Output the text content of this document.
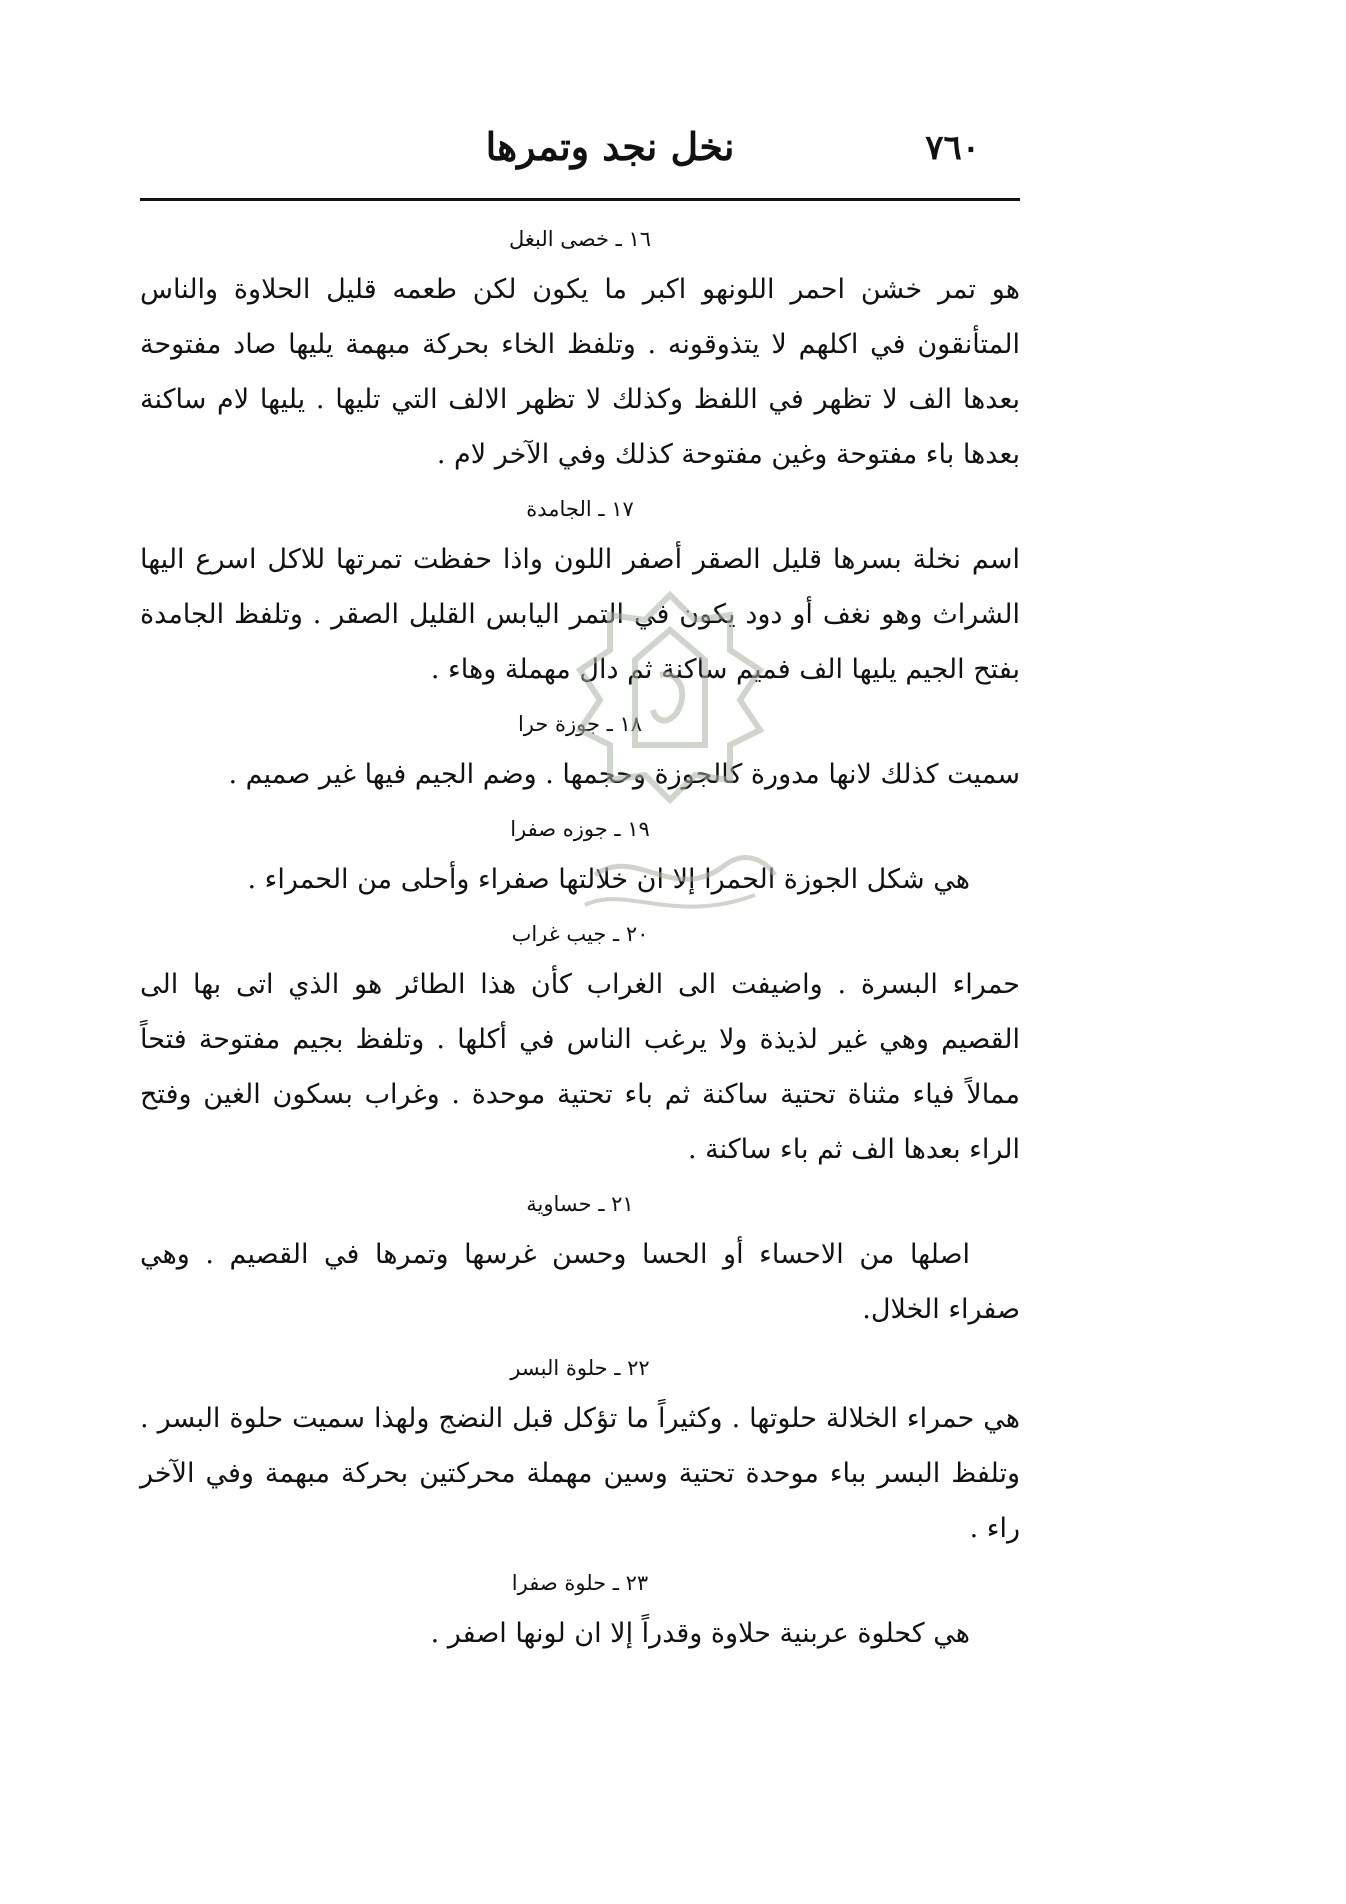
٧٦٠
نخل نجد وتمرها
١٦ ـ خصى البغل

هو تمر خشن احمر اللونهو اكبر ما يكون لكن طعمه قليل الحلاوة والناس المتأنقون في اكلهم لا يتذوقونه . وتلفظ الخاء بحركة مبهمة يليها صاد مفتوحة بعدها الف لا تظهر في اللفظ وكذلك لا تظهر الالف التي تليها . يليها لام ساكنة بعدها باء مفتوحة وغين مفتوحة كذلك وفي الآخر لام .

١٧ ـ الجامدة

اسم نخلة بسرها قليل الصقر أصفر اللون واذا حفظت تمرتها للاكل اسرع اليها الشراث وهو نغف أو دود يكون في التمر اليابس القليل الصقر . وتلفظ الجامدة بفتح الجيم يليها الف فميم ساكنة ثم دال مهملة وهاء .

١٨ ـ جوزة حرا

سميت كذلك لانها مدورة كالجوزة وحجمها . وضم الجيم فيها غير صميم .

١٩ ـ جوزه صفرا

هي شكل الجوزة الحمرا إلا ان خلالتها صفراء وأحلى من الحمراء .

٢٠ ـ جيب غراب

حمراء البسرة . واضيفت الى الغراب كأن هذا الطائر هو الذي اتى بها الى القصيم وهي غير لذيذة ولا يرغب الناس في أكلها . وتلفظ بجيم مفتوحة فتحاً ممالاً فياء مثناة تحتية ساكنة ثم باء تحتية موحدة . وغراب بسكون الغين وفتح الراء بعدها الف ثم باء ساكنة .

٢١ ـ حساوية

اصلها من الاحساء أو الحسا وحسن غرسها وتمرها في القصيم . وهي صفراء الخلال.

٢٢ ـ حلوة البسر

هي حمراء الخلالة حلوتها . وكثيراً ما تؤكل قبل النضج ولهذا سميت حلوة البسر . وتلفظ البسر بباء موحدة تحتية وسين مهملة محركتين بحركة مبهمة وفي الآخر راء .

٢٣ ـ حلوة صفرا

هي كحلوة عربنية حلاوة وقدراً إلا ان لونها اصفر .
